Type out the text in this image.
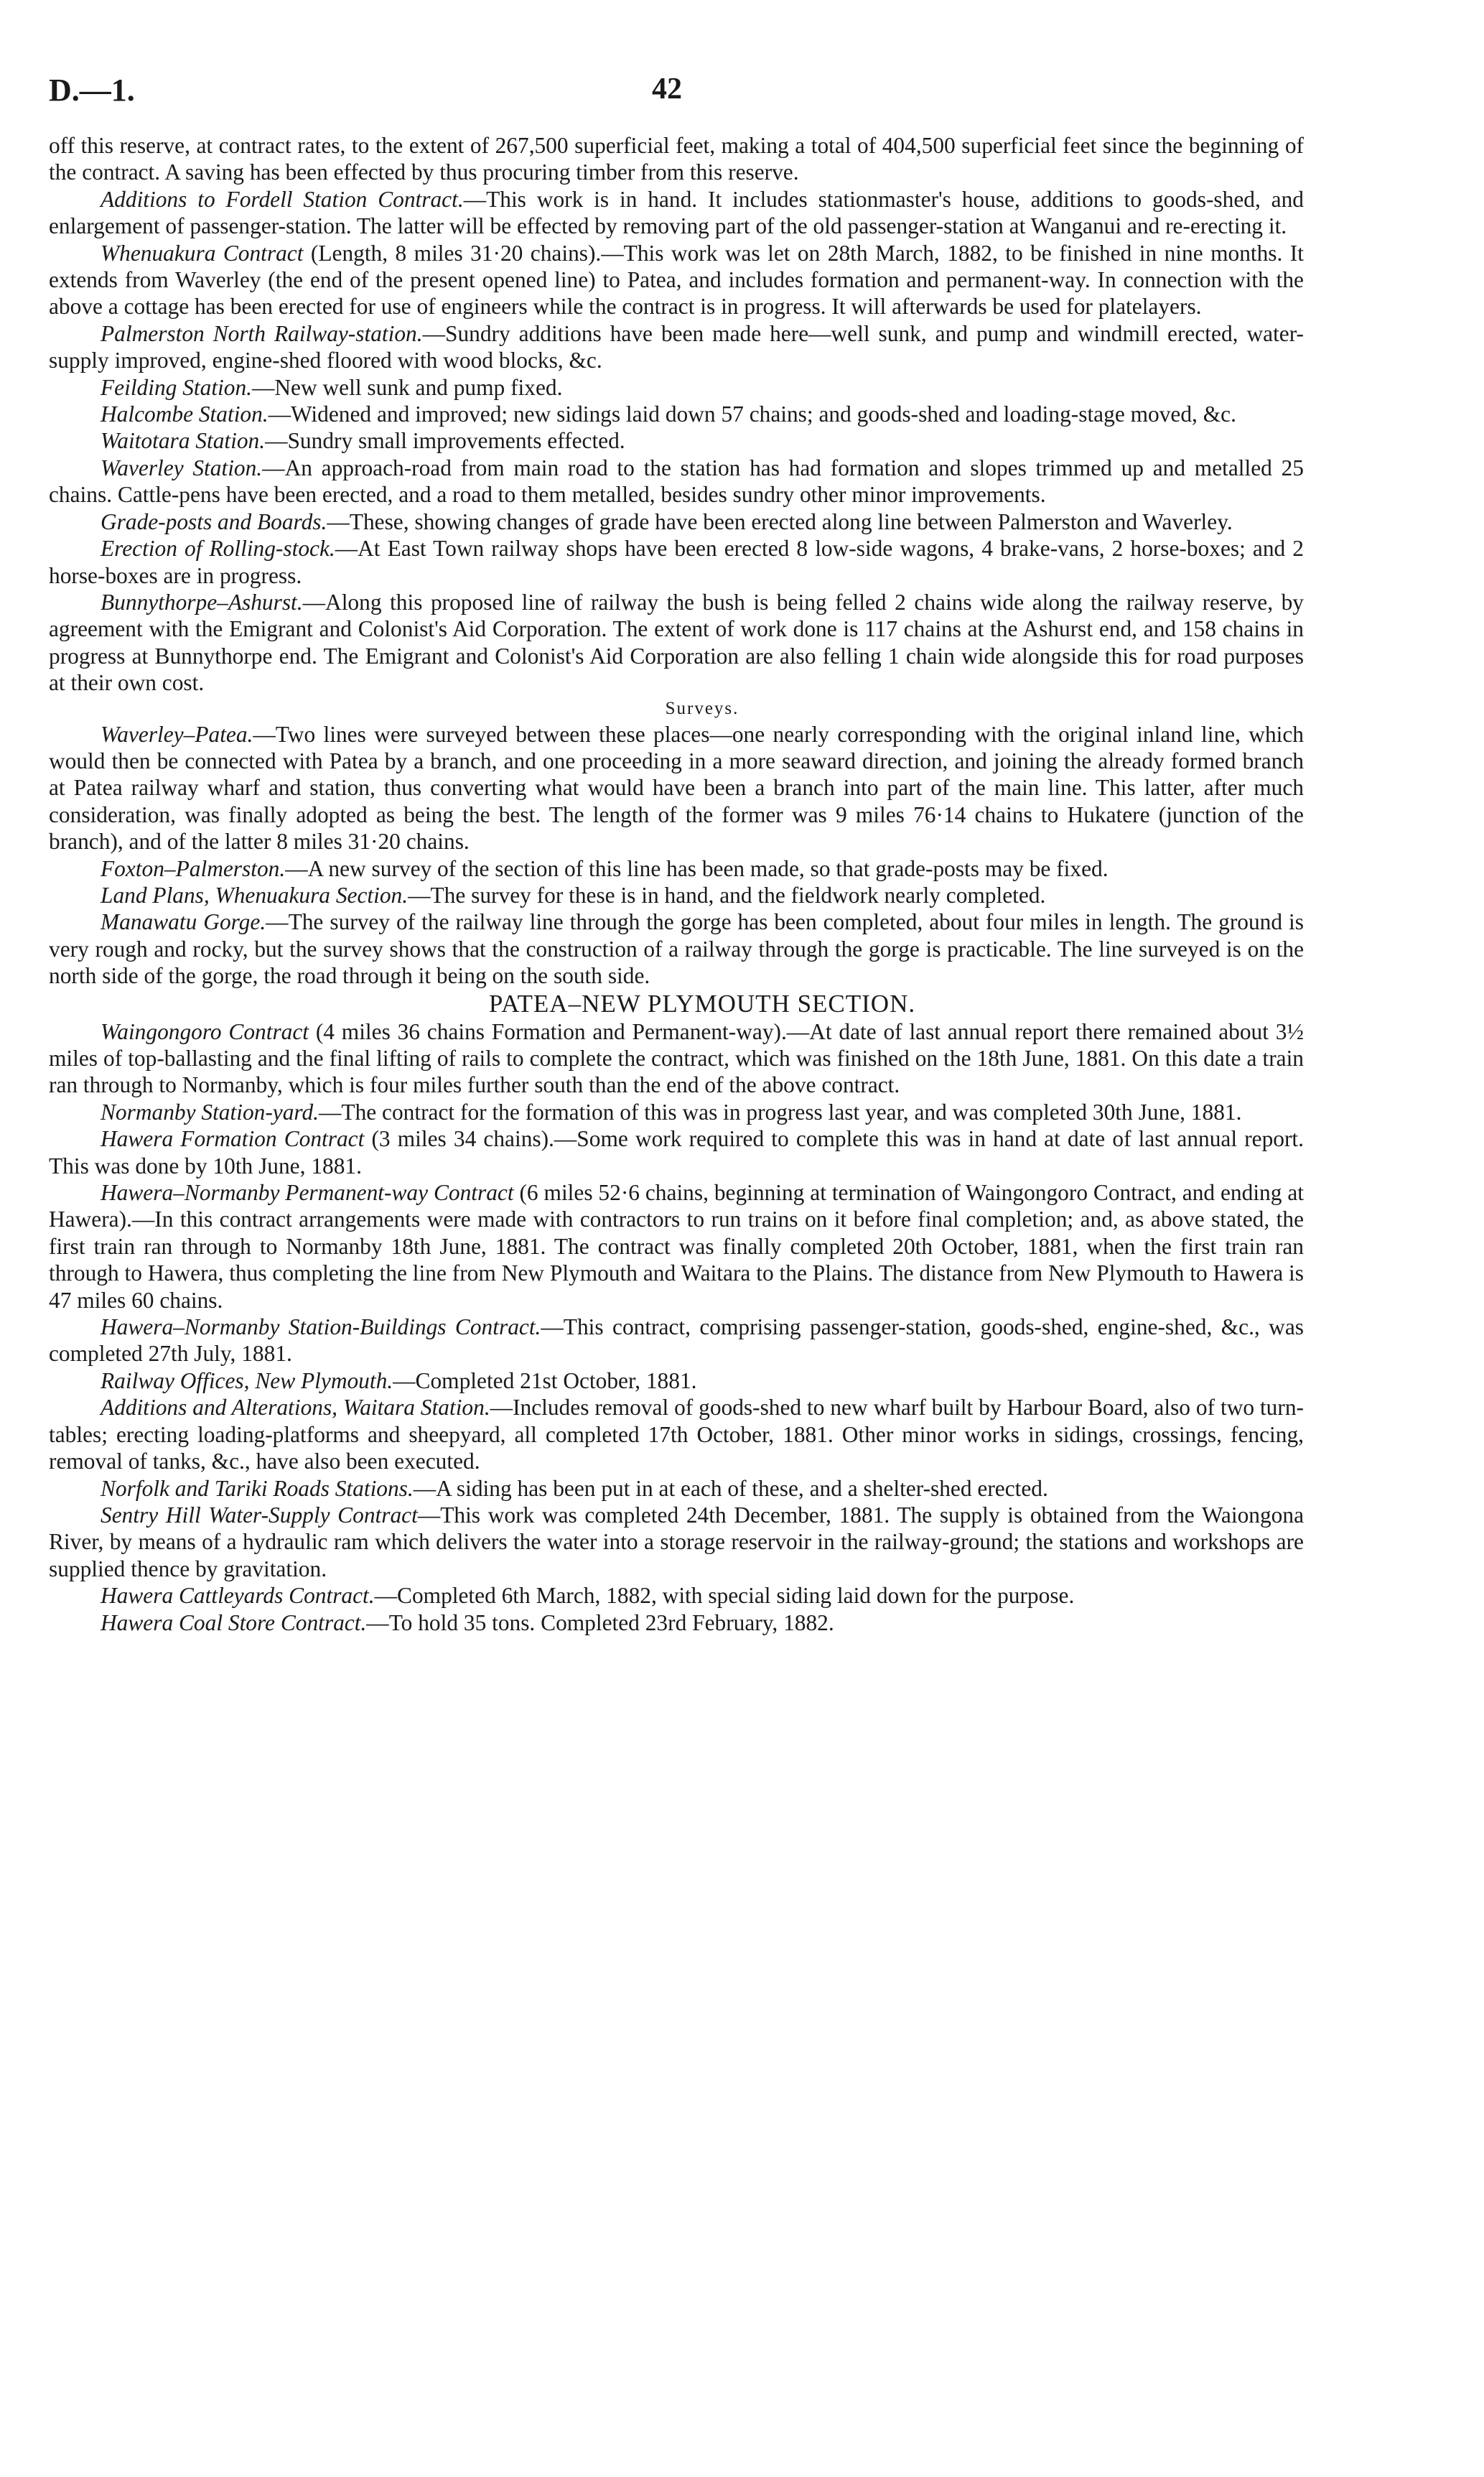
D.—1.	42

off this reserve, at contract rates, to the extent of 267,500 superficial feet, making a total of 404,500 superficial feet since the beginning of the contract. A saving has been effected by thus procuring timber from this reserve.

Additions to Fordell Station Contract.—This work is in hand. It includes stationmaster's house, additions to goods-shed, and enlargement of passenger-station. The latter will be effected by removing part of the old passenger-station at Wanganui and re-erecting it.

Whenuakura Contract (Length, 8 miles 31·20 chains).—This work was let on 28th March, 1882, to be finished in nine months. It extends from Waverley (the end of the present opened line) to Patea, and includes formation and permanent-way. In connection with the above a cottage has been erected for use of engineers while the contract is in progress. It will afterwards be used for platelayers.

Palmerston North Railway-station.—Sundry additions have been made here—well sunk, and pump and windmill erected, water-supply improved, engine-shed floored with wood blocks, &c.

Feilding Station.—New well sunk and pump fixed.

Halcombe Station.—Widened and improved; new sidings laid down 57 chains; and goods-shed and loading-stage moved, &c.

Waitotara Station.—Sundry small improvements effected.

Waverley Station.—An approach-road from main road to the station has had formation and slopes trimmed up and metalled 25 chains. Cattle-pens have been erected, and a road to them metalled, besides sundry other minor improvements.

Grade-posts and Boards.—These, showing changes of grade have been erected along line between Palmerston and Waverley.

Erection of Rolling-stock.—At East Town railway shops have been erected 8 low-side wagons, 4 brake-vans, 2 horse-boxes; and 2 horse-boxes are in progress.

Bunnythorpe–Ashurst.—Along this proposed line of railway the bush is being felled 2 chains wide along the railway reserve, by agreement with the Emigrant and Colonist's Aid Corporation. The extent of work done is 117 chains at the Ashurst end, and 158 chains in progress at Bunnythorpe end. The Emigrant and Colonist's Aid Corporation are also felling 1 chain wide alongside this for road purposes at their own cost.

Surveys.

Waverley–Patea.—Two lines were surveyed between these places—one nearly corresponding with the original inland line, which would then be connected with Patea by a branch, and one proceeding in a more seaward direction, and joining the already formed branch at Patea railway wharf and station, thus converting what would have been a branch into part of the main line. This latter, after much consideration, was finally adopted as being the best. The length of the former was 9 miles 76·14 chains to Hukatere (junction of the branch), and of the latter 8 miles 31·20 chains.

Foxton–Palmerston.—A new survey of the section of this line has been made, so that grade-posts may be fixed.

Land Plans, Whenuakura Section.—The survey for these is in hand, and the fieldwork nearly completed.

Manawatu Gorge.—The survey of the railway line through the gorge has been completed, about four miles in length. The ground is very rough and rocky, but the survey shows that the construction of a railway through the gorge is practicable. The line surveyed is on the north side of the gorge, the road through it being on the south side.

PATEA–NEW PLYMOUTH SECTION.

Waingongoro Contract (4 miles 36 chains Formation and Permanent-way).—At date of last annual report there remained about 3½ miles of top-ballasting and the final lifting of rails to complete the contract, which was finished on the 18th June, 1881. On this date a train ran through to Normanby, which is four miles further south than the end of the above contract.

Normanby Station-yard.—The contract for the formation of this was in progress last year, and was completed 30th June, 1881.

Hawera Formation Contract (3 miles 34 chains).—Some work required to complete this was in hand at date of last annual report. This was done by 10th June, 1881.

Hawera–Normanby Permanent-way Contract (6 miles 52·6 chains, beginning at termination of Waingongoro Contract, and ending at Hawera).—In this contract arrangements were made with contractors to run trains on it before final completion; and, as above stated, the first train ran through to Normanby 18th June, 1881. The contract was finally completed 20th October, 1881, when the first train ran through to Hawera, thus completing the line from New Plymouth and Waitara to the Plains. The distance from New Plymouth to Hawera is 47 miles 60 chains.

Hawera–Normanby Station-Buildings Contract.—This contract, comprising passenger-station, goods-shed, engine-shed, &c., was completed 27th July, 1881.

Railway Offices, New Plymouth.—Completed 21st October, 1881.

Additions and Alterations, Waitara Station.—Includes removal of goods-shed to new wharf built by Harbour Board, also of two turn-tables; erecting loading-platforms and sheepyard, all completed 17th October, 1881. Other minor works in sidings, crossings, fencing, removal of tanks, &c., have also been executed.

Norfolk and Tariki Roads Stations.—A siding has been put in at each of these, and a shelter-shed erected.

Sentry Hill Water-Supply Contract—This work was completed 24th December, 1881. The supply is obtained from the Waiongona River, by means of a hydraulic ram which delivers the water into a storage reservoir in the railway-ground; the stations and workshops are supplied thence by gravitation.

Hawera Cattleyards Contract.—Completed 6th March, 1882, with special siding laid down for the purpose.

Hawera Coal Store Contract.—To hold 35 tons. Completed 23rd February, 1882.
